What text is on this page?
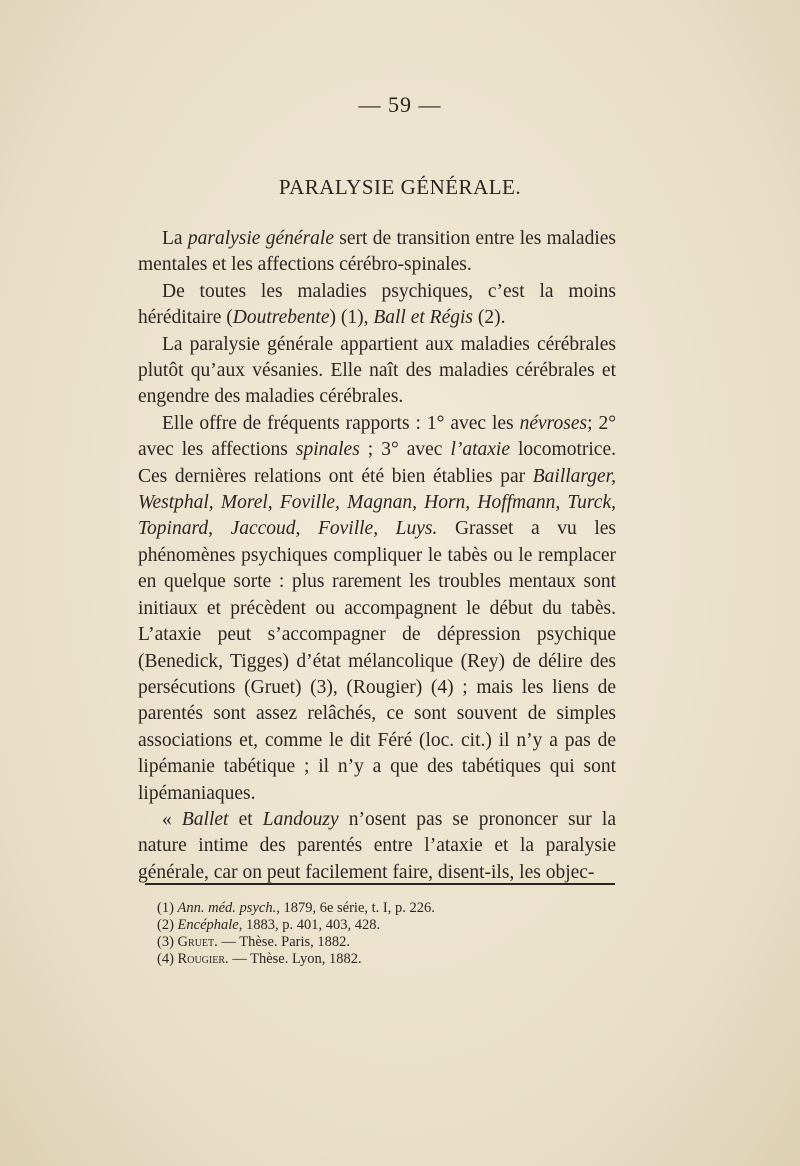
— 59 —
PARALYSIE GÉNÉRALE.

La paralysie générale sert de transition entre les maladies mentales et les affections cérébro-spinales.

De toutes les maladies psychiques, c’est la moins héréditaire (Doutrebente) (1), Ball et Régis (2).

La paralysie générale appartient aux maladies cérébrales plutôt qu’aux vésanies. Elle naît des maladies cérébrales et engendre des maladies cérébrales.

Elle offre de fréquents rapports : 1° avec les névroses; 2° avec les affections spinales ; 3° avec l’ataxie locomotrice. Ces dernières relations ont été bien établies par Baillarger, Westphal, Morel, Foville, Magnan, Horn, Hoffmann, Turck, Topinard, Jaccoud, Foville, Luys. Grasset a vu les phénomènes psychiques compliquer le tabès ou le remplacer en quelque sorte : plus rarement les troubles mentaux sont initiaux et précèdent ou accompagnent le début du tabès. L’ataxie peut s’accompagner de dépression psychique (Benedick, Tigges) d’état mélancolique (Rey) de délire des persécutions (Gruet) (3), (Rougier) (4) ; mais les liens de parentés sont assez relâchés, ce sont souvent de simples associations et, comme le dit Féré (loc. cit.) il n’y a pas de lipémanie tabétique ; il n’y a que des tabétiques qui sont lipémaniaques.

« Ballet et Landouzy n’osent pas se prononcer sur la nature intime des parentés entre l’ataxie et la paralysie générale, car on peut facilement faire, disent-ils, les objec-

(1) Ann. méd. psych., 1879, 6e série, t. I, p. 226.
(2) Encéphale, 1883, p. 401, 403, 428.
(3) Gruet. — Thèse. Paris, 1882.
(4) Rougier. — Thèse. Lyon, 1882.
